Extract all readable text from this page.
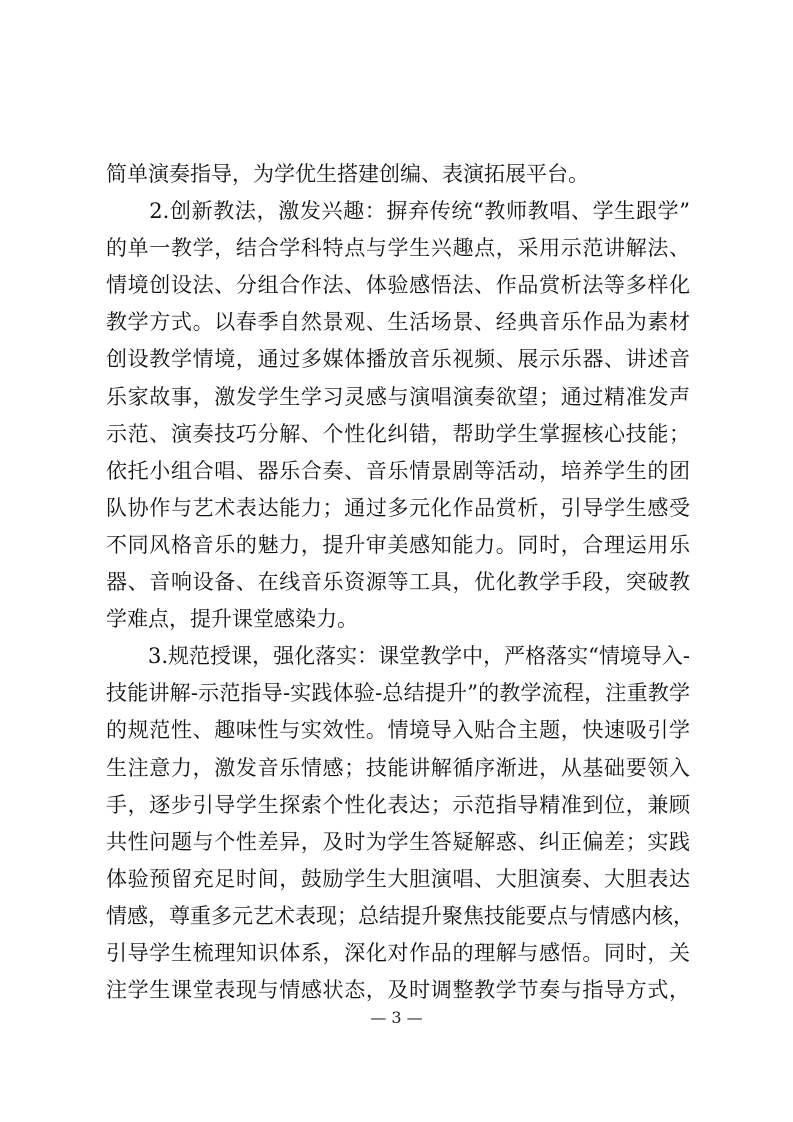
简单演奏指导，为学优生搭建创编、表演拓展平台。
　　2.创新教法，激发兴趣：摒弃传统“教师教唱、学生跟学”
的单一教学，结合学科特点与学生兴趣点，采用示范讲解法、
情境创设法、分组合作法、体验感悟法、作品赏析法等多样化
教学方式。以春季自然景观、生活场景、经典音乐作品为素材
创设教学情境，通过多媒体播放音乐视频、展示乐器、讲述音
乐家故事，激发学生学习灵感与演唱演奏欲望；通过精准发声
示范、演奏技巧分解、个性化纠错，帮助学生掌握核心技能；
依托小组合唱、器乐合奏、音乐情景剧等活动，培养学生的团
队协作与艺术表达能力；通过多元化作品赏析，引导学生感受
不同风格音乐的魅力，提升审美感知能力。同时，合理运用乐
器、音响设备、在线音乐资源等工具，优化教学手段，突破教
学难点，提升课堂感染力。
　　3.规范授课，强化落实：课堂教学中，严格落实“情境导入-
技能讲解-示范指导-实践体验-总结提升”的教学流程，注重教学
的规范性、趣味性与实效性。情境导入贴合主题，快速吸引学
生注意力，激发音乐情感；技能讲解循序渐进，从基础要领入
手，逐步引导学生探索个性化表达；示范指导精准到位，兼顾
共性问题与个性差异，及时为学生答疑解惑、纠正偏差；实践
体验预留充足时间，鼓励学生大胆演唱、大胆演奏、大胆表达
情感，尊重多元艺术表现；总结提升聚焦技能要点与情感内核，
引导学生梳理知识体系，深化对作品的理解与感悟。同时，关
注学生课堂表现与情感状态，及时调整教学节奏与指导方式，
— 3 —
